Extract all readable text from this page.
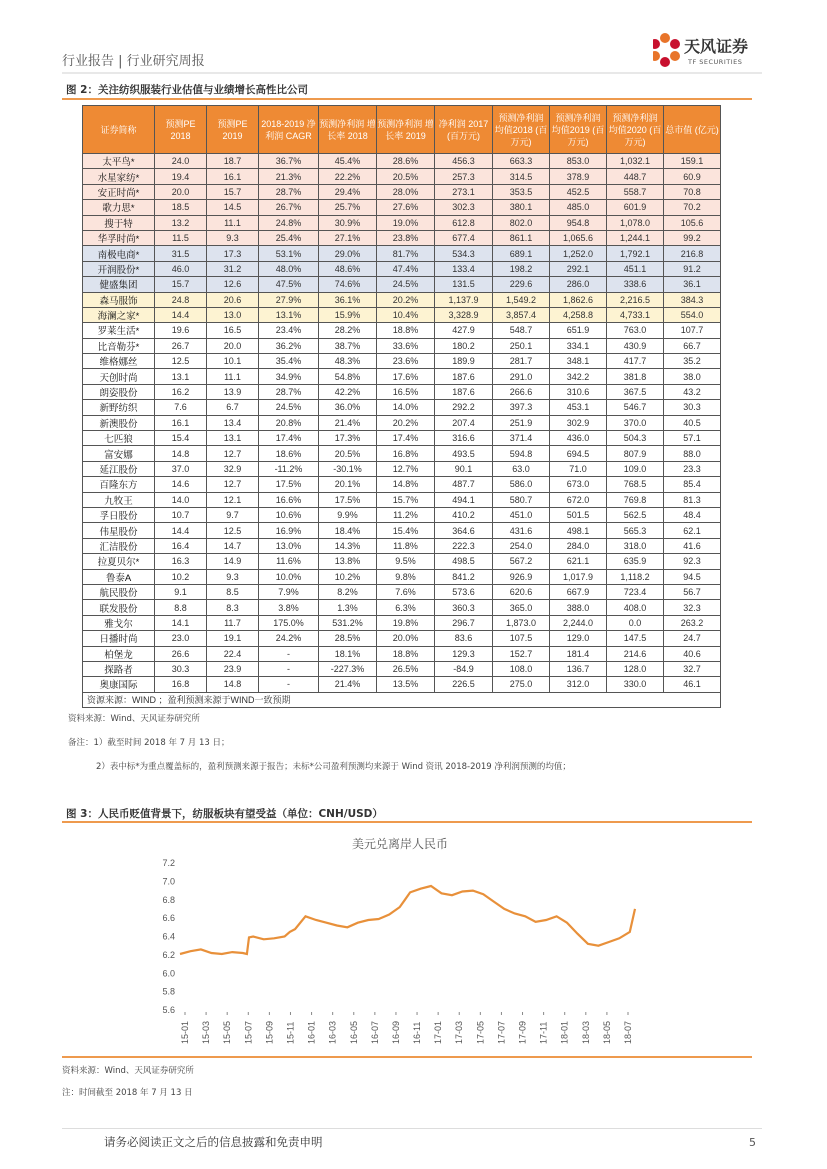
行业报告 | 行业研究周报
天风证券
TF SECURITIES
图 2：关注纺织服装行业估值与业绩增长高性比公司
证券简称	预测PE 2018	预测PE 2019	2018-2019 净利润 CAGR	预测净利润 增长率 2018	预测净利润 增长率 2019	净利润 2017 (百万元)	预测净利润 均值2018 (百万元)	预测净利润 均值2019 (百万元)	预测净利润 均值2020 (百万元)	总市值 (亿元)
太平鸟*	24.0	18.7	36.7%	45.4%	28.6%	456.3	663.3	853.0	1,032.1	159.1
水星家纺*	19.4	16.1	21.3%	22.2%	20.5%	257.3	314.5	378.9	448.7	60.9
安正时尚*	20.0	15.7	28.7%	29.4%	28.0%	273.1	353.5	452.5	558.7	70.8
歌力思*	18.5	14.5	26.7%	25.7%	27.6%	302.3	380.1	485.0	601.9	70.2
搜于特	13.2	11.1	24.8%	30.9%	19.0%	612.8	802.0	954.8	1,078.0	105.6
华孚时尚*	11.5	9.3	25.4%	27.1%	23.8%	677.4	861.1	1,065.6	1,244.1	99.2
南极电商*	31.5	17.3	53.1%	29.0%	81.7%	534.3	689.1	1,252.0	1,792.1	216.8
开润股份*	46.0	31.2	48.0%	48.6%	47.4%	133.4	198.2	292.1	451.1	91.2
健盛集团	15.7	12.6	47.5%	74.6%	24.5%	131.5	229.6	286.0	338.6	36.1
森马服饰	24.8	20.6	27.9%	36.1%	20.2%	1,137.9	1,549.2	1,862.6	2,216.5	384.3
海澜之家*	14.4	13.0	13.1%	15.9%	10.4%	3,328.9	3,857.4	4,258.8	4,733.1	554.0
罗莱生活*	19.6	16.5	23.4%	28.2%	18.8%	427.9	548.7	651.9	763.0	107.7
比音勒芬*	26.7	20.0	36.2%	38.7%	33.6%	180.2	250.1	334.1	430.9	66.7
维格娜丝	12.5	10.1	35.4%	48.3%	23.6%	189.9	281.7	348.1	417.7	35.2
天创时尚	13.1	11.1	34.9%	54.8%	17.6%	187.6	291.0	342.2	381.8	38.0
朗姿股份	16.2	13.9	28.7%	42.2%	16.5%	187.6	266.6	310.6	367.5	43.2
新野纺织	7.6	6.7	24.5%	36.0%	14.0%	292.2	397.3	453.1	546.7	30.3
新澳股份	16.1	13.4	20.8%	21.4%	20.2%	207.4	251.9	302.9	370.0	40.5
七匹狼	15.4	13.1	17.4%	17.3%	17.4%	316.6	371.4	436.0	504.3	57.1
富安娜	14.8	12.7	18.6%	20.5%	16.8%	493.5	594.8	694.5	807.9	88.0
延江股份	37.0	32.9	-11.2%	-30.1%	12.7%	90.1	63.0	71.0	109.0	23.3
百隆东方	14.6	12.7	17.5%	20.1%	14.8%	487.7	586.0	673.0	768.5	85.4
九牧王	14.0	12.1	16.6%	17.5%	15.7%	494.1	580.7	672.0	769.8	81.3
孚日股份	10.7	9.7	10.6%	9.9%	11.2%	410.2	451.0	501.5	562.5	48.4
伟星股份	14.4	12.5	16.9%	18.4%	15.4%	364.6	431.6	498.1	565.3	62.1
汇洁股份	16.4	14.7	13.0%	14.3%	11.8%	222.3	254.0	284.0	318.0	41.6
拉夏贝尔*	16.3	14.9	11.6%	13.8%	9.5%	498.5	567.2	621.1	635.9	92.3
鲁泰A	10.2	9.3	10.0%	10.2%	9.8%	841.2	926.9	1,017.9	1,118.2	94.5
航民股份	9.1	8.5	7.9%	8.2%	7.6%	573.6	620.6	667.9	723.4	56.7
联发股份	8.8	8.3	3.8%	1.3%	6.3%	360.3	365.0	388.0	408.0	32.3
雅戈尔	14.1	11.7	175.0%	531.2%	19.8%	296.7	1,873.0	2,244.0	0.0	263.2
日播时尚	23.0	19.1	24.2%	28.5%	20.0%	83.6	107.5	129.0	147.5	24.7
柏堡龙	26.6	22.4	-	18.1%	18.8%	129.3	152.7	181.4	214.6	40.6
探路者	30.3	23.9	-	-227.3%	26.5%	-84.9	108.0	136.7	128.0	32.7
奥康国际	16.8	14.8	-	21.4%	13.5%	226.5	275.0	312.0	330.0	46.1
资源来源：WIND ；盈利预测来源于WIND一致预期										
资料来源：Wind、天风证券研究所
备注：1）截至时间 2018 年 7 月 13 日；
2）表中标*为重点覆盖标的，盈利预测来源于报告；未标*公司盈利预测均来源于 Wind 资讯 2018-2019 净利润预测的均值；
图 3：人民币贬值背景下，纺服板块有望受益（单位：CNH/USD）
美元兑离岸人民币
7.2
7.0
6.8
6.6
6.4
6.2
6.0
5.8
5.6
15-01 15-03 15-05 15-07 15-09 15-11 16-01 16-03 16-05 16-07 16-09 16-11 17-01 17-03 17-05 17-07 17-09 17-11 18-01 18-03 18-05 18-07
资料来源：Wind、天风证券研究所
注：时间截至 2018 年 7 月 13 日
请务必阅读正文之后的信息披露和免责申明	5
